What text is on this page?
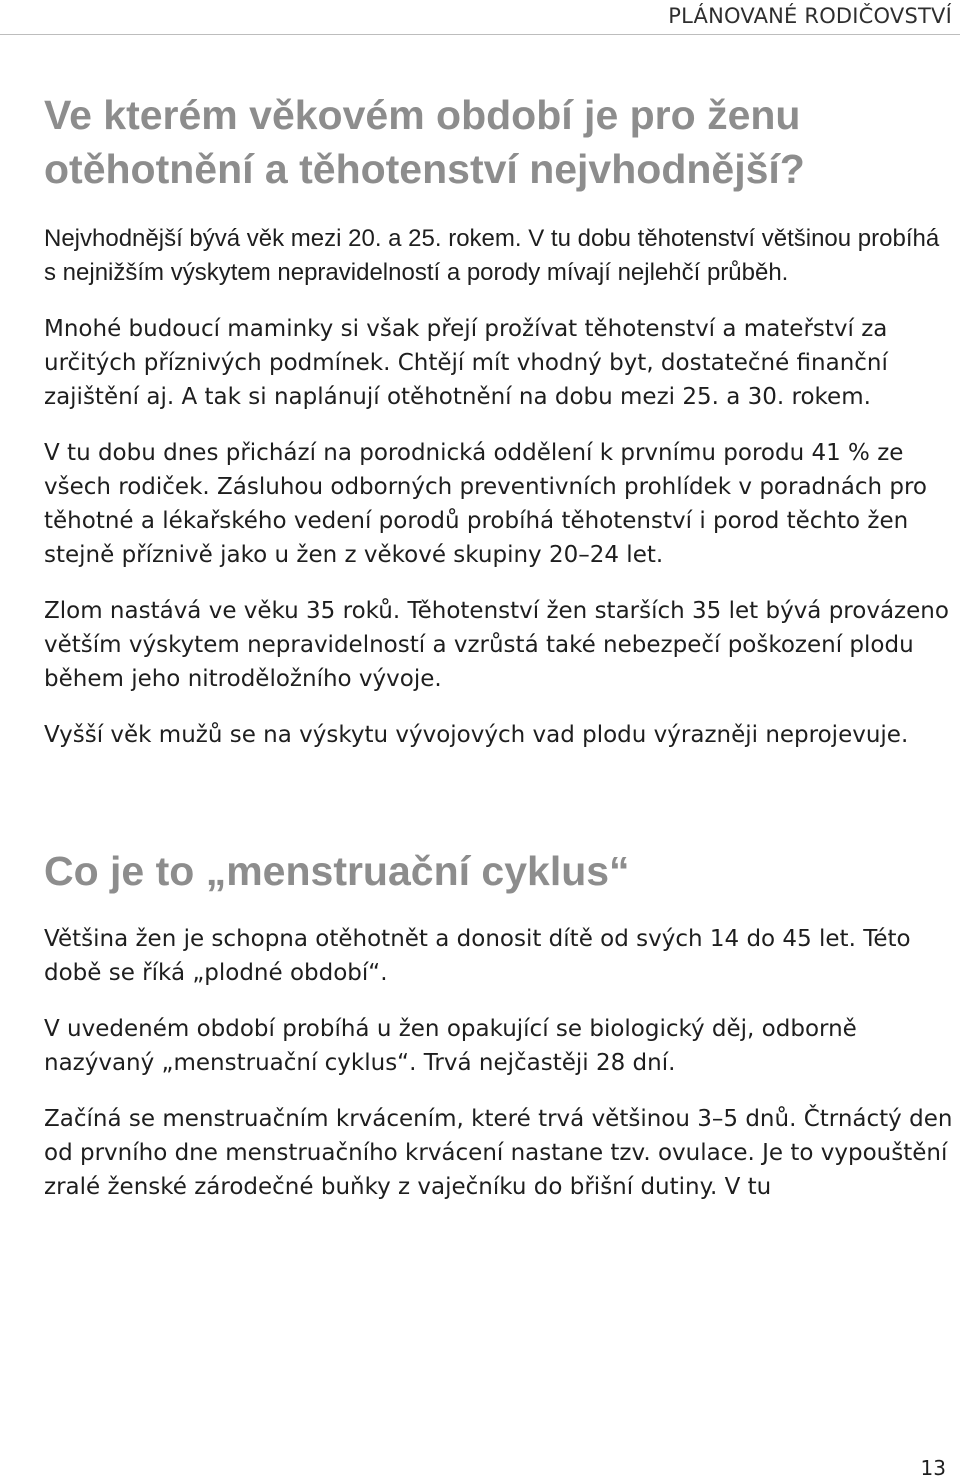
PLÁNOVANÉ RODIČOVSTVÍ
Ve kterém věkovém období je pro ženu otěhotnění a těhotenství nejvhodnější?

Nejvhodnější bývá věk mezi 20. a 25. rokem. V tu dobu těhotenství většinou probíhá s nejnižším výskytem nepravidelností a porody mívají nejlehčí průběh.

Mnohé budoucí maminky si však přejí prožívat těhotenství a mateřství za určitých příznivých podmínek. Chtějí mít vhodný byt, dostatečné finanční zajištění aj. A tak si naplánují otěhotnění na dobu mezi 25. a 30. rokem.

V tu dobu dnes přichází na porodnická oddělení k prvnímu porodu 41 % ze všech rodiček. Zásluhou odborných preventivních prohlídek v poradnách pro těhotné a lékařského vedení porodů probíhá těhotenství i porod těchto žen stejně příznivě jako u žen z věkové skupiny 20–24 let.

Zlom nastává ve věku 35 roků. Těhotenství žen starších 35 let bývá provázeno větším výskytem nepravidelností a vzrůstá také nebezpečí poškození plodu během jeho nitroděložního vývoje.

Vyšší věk mužů se na výskytu vývojových vad plodu výrazněji neprojevuje.

Co je to „menstruační cyklus“

Většina žen je schopna otěhotnět a donosit dítě od svých 14 do 45 let. Této době se říká „plodné období“.

V uvedeném období probíhá u žen opakující se biologický děj, odborně nazývaný „menstruační cyklus“. Trvá nejčastěji 28 dní.

Začíná se menstruačním krvácením, které trvá většinou 3–5 dnů. Čtrnáctý den od prvního dne menstruačního krvácení nastane tzv. ovulace. Je to vypouštění zralé ženské zárodečné buňky z vaječníku do břišní dutiny. V tu

13
